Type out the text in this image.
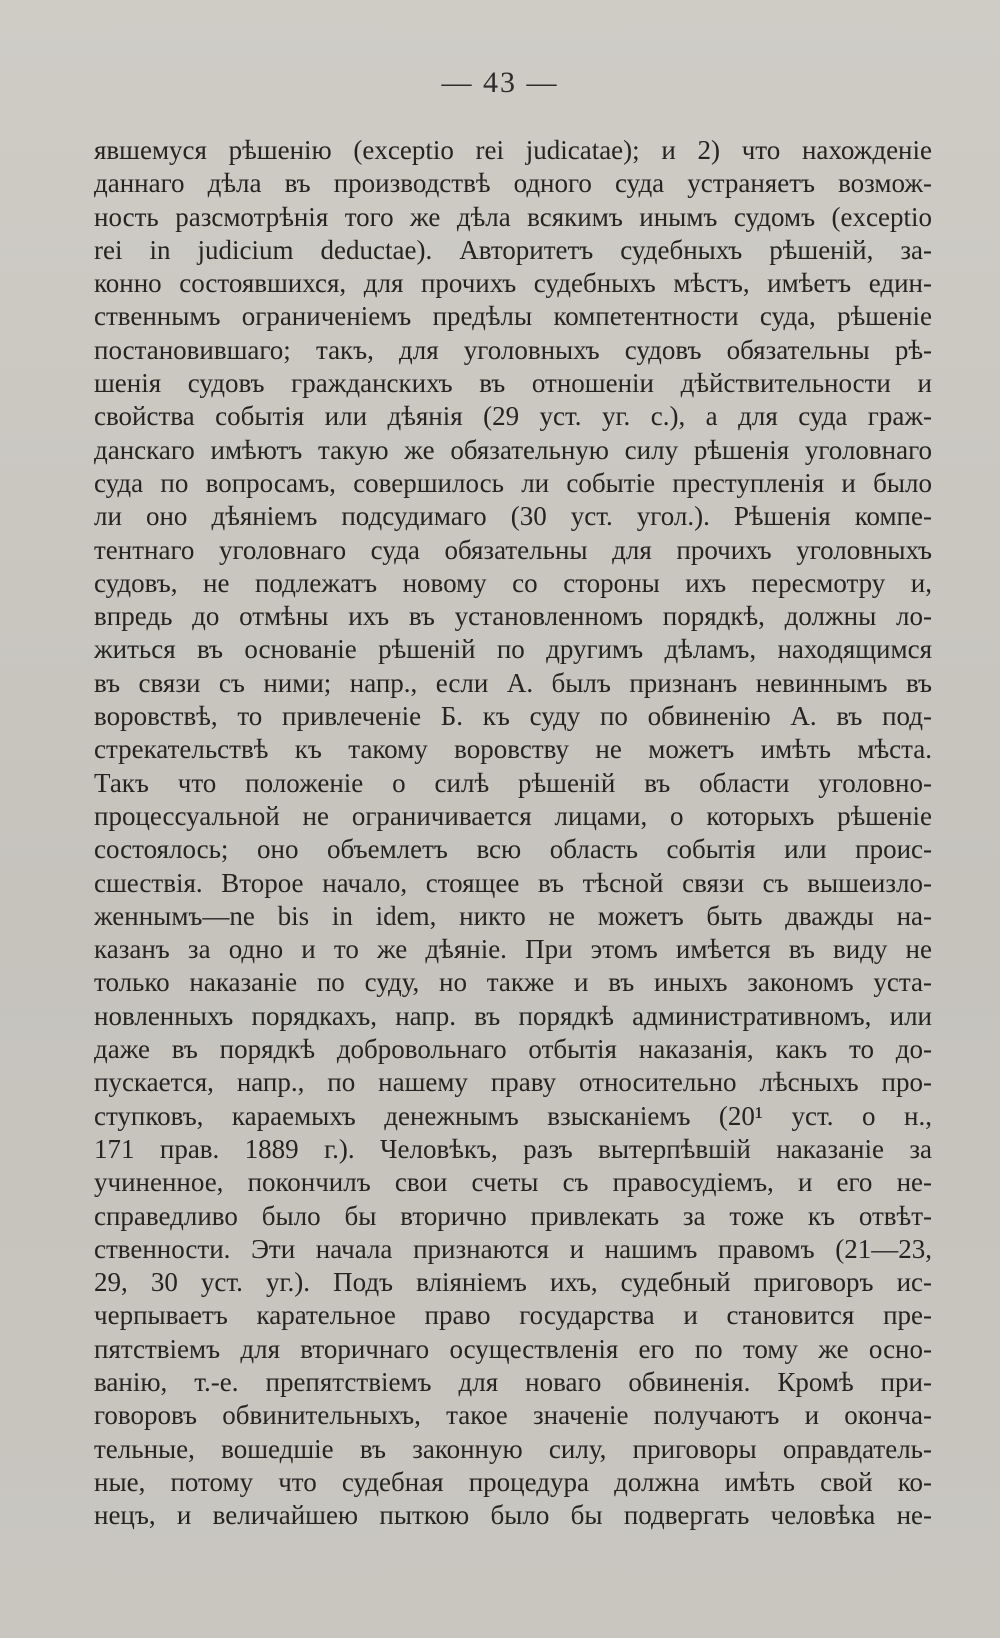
— 43 —
явшемуся рѣшенію (exceptio rei judicatae); и 2) что нахожденіе
даннаго дѣла въ производствѣ одного суда устраняетъ возмож-
ность разсмотрѣнія того же дѣла всякимъ инымъ судомъ (exceptio
rei in judicium deductae). Авторитетъ судебныхъ рѣшеній, за-
конно состоявшихся, для прочихъ судебныхъ мѣстъ, имѣетъ един-
ственнымъ ограниченіемъ предѣлы компетентности суда, рѣшеніе
постановившаго; такъ, для уголовныхъ судовъ обязательны рѣ-
шенія судовъ гражданскихъ въ отношеніи дѣйствительности и
свойства событія или дѣянія (29 уст. уг. с.), а для суда граж-
данскаго имѣютъ такую же обязательную силу рѣшенія уголовнаго
суда по вопросамъ, совершилось ли событіе преступленія и было
ли оно дѣяніемъ подсудимаго (30 уст. угол.). Рѣшенія компе-
тентнаго уголовнаго суда обязательны для прочихъ уголовныхъ
судовъ, не подлежатъ новому со стороны ихъ пересмотру и,
впредь до отмѣны ихъ въ установленномъ порядкѣ, должны ло-
житься въ основаніе рѣшеній по другимъ дѣламъ, находящимся
въ связи съ ними; напр., если А. былъ признанъ невиннымъ въ
воровствѣ, то привлеченіе Б. къ суду по обвиненію А. въ под-
стрекательствѣ къ такому воровству не можетъ имѣть мѣста.
Такъ что положеніе о силѣ рѣшеній въ области уголовно-
процессуальной не ограничивается лицами, о которыхъ рѣшеніе
состоялось; оно объемлетъ всю область событія или проис-
сшествія. Второе начало, стоящее въ тѣсной связи съ вышеизло-
женнымъ—ne bis in idem, никто не можетъ быть дважды на-
казанъ за одно и то же дѣяніе. При этомъ имѣется въ виду не
только наказаніе по суду, но также и въ иныхъ закономъ уста-
новленныхъ порядкахъ, напр. въ порядкѣ административномъ, или
даже въ порядкѣ добровольнаго отбытія наказанія, какъ то до-
пускается, напр., по нашему праву относительно лѣсныхъ про-
ступковъ, караемыхъ денежнымъ взысканіемъ (20¹ уст. о н.,
171 прав. 1889 г.). Человѣкъ, разъ вытерпѣвшій наказаніе за
учиненное, покончилъ свои счеты съ правосудіемъ, и его не-
справедливо было бы вторично привлекать за тоже къ отвѣт-
ственности. Эти начала признаются и нашимъ правомъ (21—23,
29, 30 уст. уг.). Подъ вліяніемъ ихъ, судебный приговоръ ис-
черпываетъ карательное право государства и становится пре-
пятствіемъ для вторичнаго осуществленія его по тому же осно-
ванію, т.-е. препятствіемъ для новаго обвиненія. Кромѣ при-
говоровъ обвинительныхъ, такое значеніе получаютъ и оконча-
тельные, вошедшіе въ законную силу, приговоры оправдатель-
ные, потому что судебная процедура должна имѣть свой ко-
нецъ, и величайшею пыткою было бы подвергать человѣка не-
